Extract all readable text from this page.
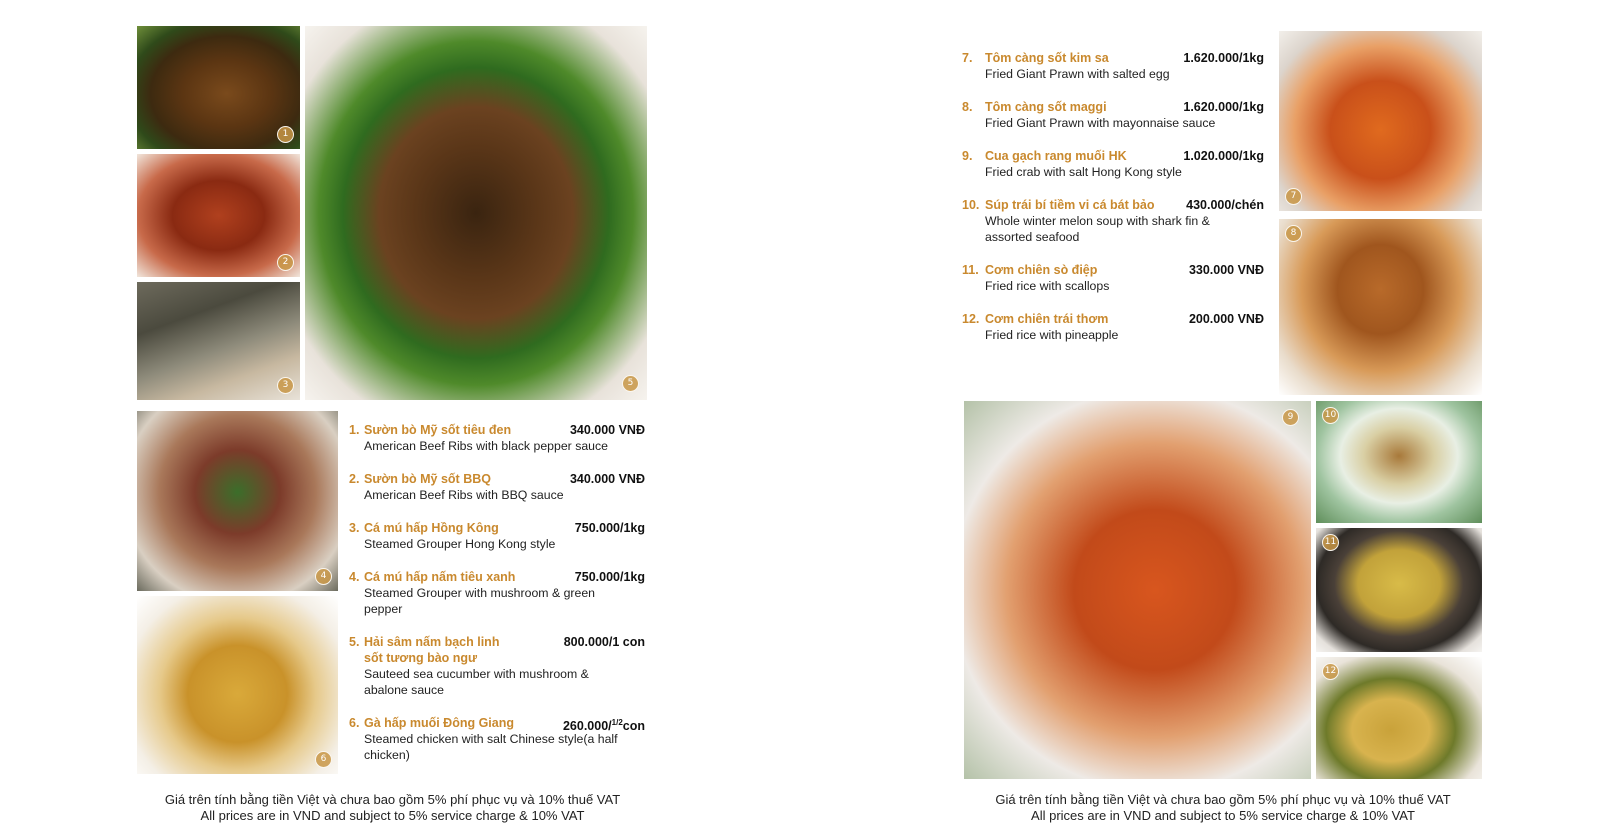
1
2
3	5
4
6
1. Sườn bò Mỹ sốt tiêu đen	340.000 VNĐ
American Beef Ribs with black pepper sauce
2. Sườn bò Mỹ sốt BBQ	340.000 VNĐ
American Beef Ribs with BBQ sauce
3. Cá mú hấp Hồng Kông	750.000/1kg
Steamed Grouper Hong Kong style
4. Cá mú hấp nấm tiêu xanh	750.000/1kg
Steamed Grouper with mushroom & green
pepper
5. Hải sâm nấm bạch linh
sốt tương bào ngư
800.000/1 con
Sauteed sea cucumber with mushroom &
abalone sauce
6. Gà hấp muối Đông Giang	260.000/$^{1/2}$con
Steamed chicken with salt Chinese style(a half
chicken)
Giá trên tính bằng tiền Việt và chưa bao gồm 5% phí phục vụ và 10% thuế VAT
All prices are in VND and subject to 5% service charge & 10% VAT
7. Tôm càng sốt kim sa	1.620.000/1kg
Fried Giant Prawn with salted egg
8. Tôm càng sốt maggi	1.620.000/1kg
Fried Giant Prawn with mayonnaise sauce
9. Cua gạch rang muối HK	1.020.000/1kg
Fried crab with salt Hong Kong style
10. Súp trái bí tiềm vi cá bát bảo	430.000/chén
Whole winter melon soup with shark fin &
assorted seafood
11. Cơm chiên sò điệp	330.000 VNĐ
Fried rice with scallops
12. Cơm chiên trái thơm	200.000 VNĐ
Fried rice with pineapple
7
8
9	10
11
12
Giá trên tính bằng tiền Việt và chưa bao gồm 5% phí phục vụ và 10% thuế VAT
All prices are in VND and subject to 5% service charge & 10% VAT
